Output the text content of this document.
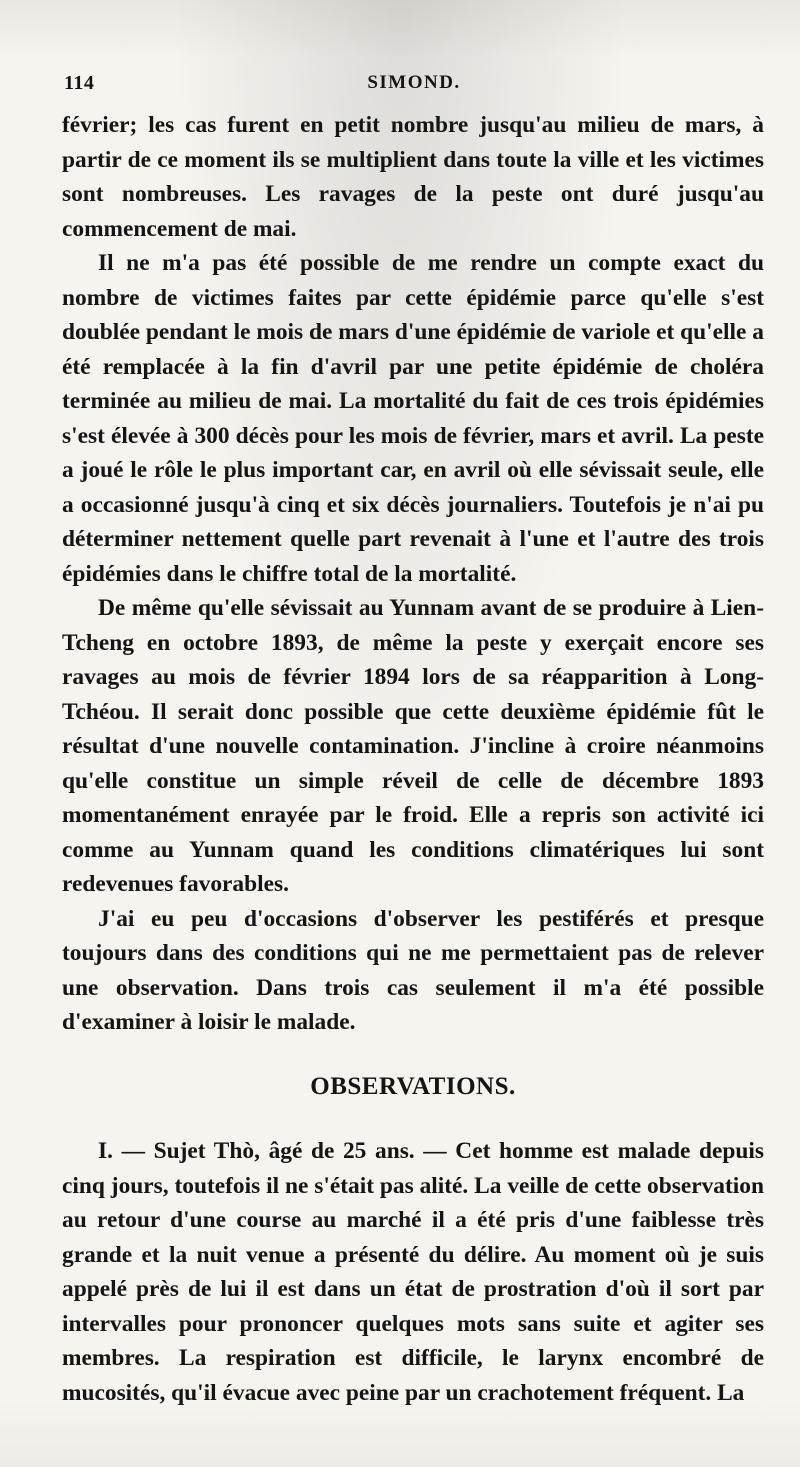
114	SIMOND.

février; les cas furent en petit nombre jusqu'au milieu de mars, à partir de ce moment ils se multiplient dans toute la ville et les victimes sont nombreuses. Les ravages de la peste ont duré jusqu'au commencement de mai.

Il ne m'a pas été possible de me rendre un compte exact du nombre de victimes faites par cette épidémie parce qu'elle s'est doublée pendant le mois de mars d'une épidémie de variole et qu'elle a été remplacée à la fin d'avril par une petite épidémie de choléra terminée au milieu de mai. La mortalité du fait de ces trois épidémies s'est élevée à 300 décès pour les mois de février, mars et avril. La peste a joué le rôle le plus important car, en avril où elle sévissait seule, elle a occasionné jusqu'à cinq et six décès journaliers. Toutefois je n'ai pu déterminer nettement quelle part revenait à l'une et l'autre des trois épidémies dans le chiffre total de la mortalité.

De même qu'elle sévissait au Yunnam avant de se produire à Lien-Tcheng en octobre 1893, de même la peste y exerçait encore ses ravages au mois de février 1894 lors de sa réapparition à Long-Tchéou. Il serait donc possible que cette deuxième épidémie fût le résultat d'une nouvelle contamination. J'incline à croire néanmoins qu'elle constitue un simple réveil de celle de décembre 1893 momentanément enrayée par le froid. Elle a repris son activité ici comme au Yunnam quand les conditions climatériques lui sont redevenues favorables.

J'ai eu peu d'occasions d'observer les pestiférés et presque toujours dans des conditions qui ne me permettaient pas de relever une observation. Dans trois cas seulement il m'a été possible d'examiner à loisir le malade.

OBSERVATIONS.

I. — Sujet Thò, âgé de 25 ans. — Cet homme est malade depuis cinq jours, toutefois il ne s'était pas alité. La veille de cette observation au retour d'une course au marché il a été pris d'une faiblesse très grande et la nuit venue a présenté du délire. Au moment où je suis appelé près de lui il est dans un état de prostration d'où il sort par intervalles pour prononcer quelques mots sans suite et agiter ses membres. La respiration est difficile, le larynx encombré de mucosités, qu'il évacue avec peine par un crachotement fréquent. La
